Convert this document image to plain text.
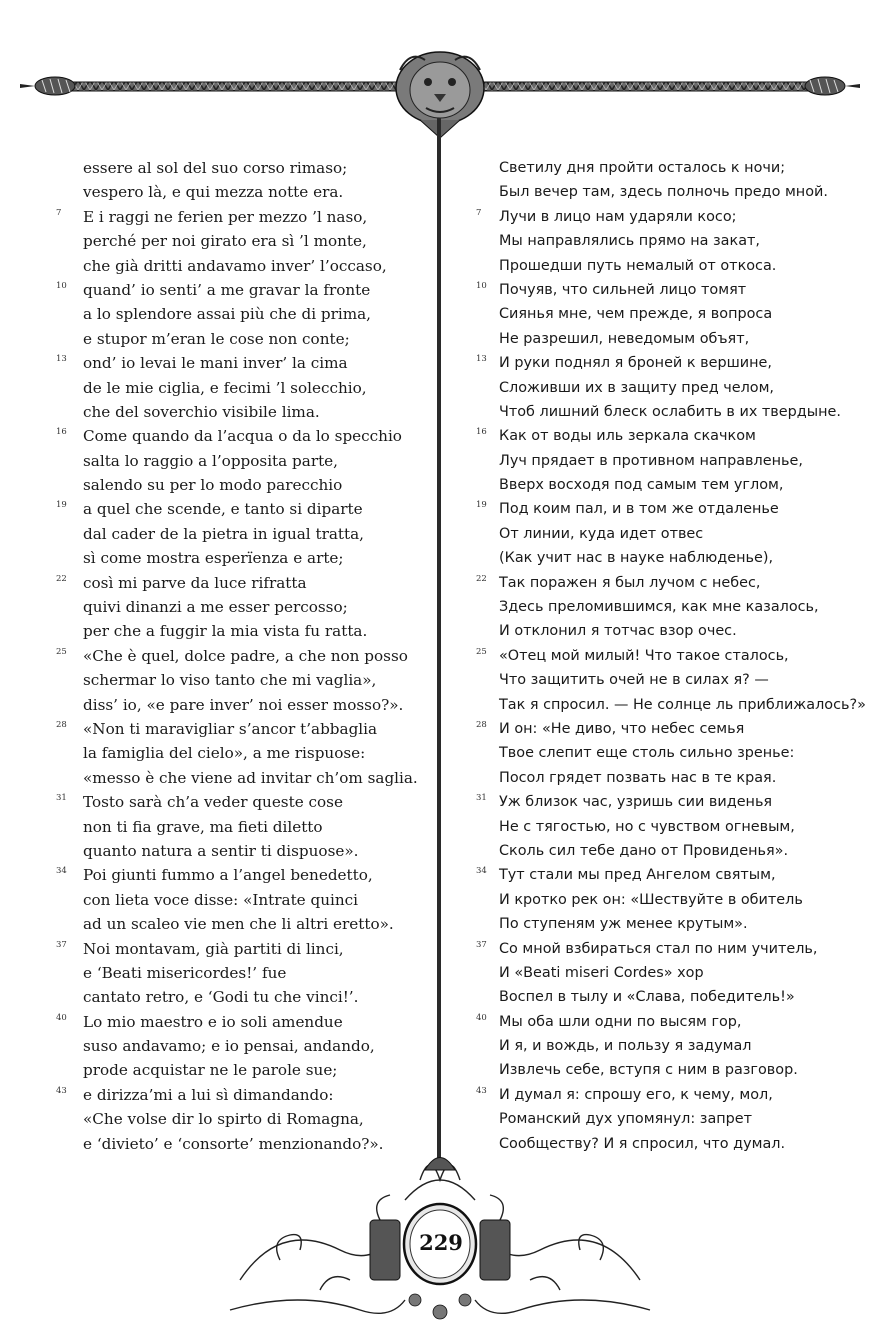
essere al sol del suo corso rimaso;
vespero là, e qui mezza notte era.
7	E i raggi ne ferien per mezzo ’l naso,
perché per noi girato era sì ’l monte,
che già dritti andavamo inver’ l’occaso,
10	quand’ io senti’ a me gravar la fronte
a lo splendore assai più che di prima,
e stupor m’eran le cose non conte;
13	ond’ io levai le mani inver’ la cima
de le mie ciglia, e fecimi ’l solecchio,
che del soverchio visibile lima.
16	Come quando da l’acqua o da lo specchio
salta lo raggio a l’opposita parte,
salendo su per lo modo parecchio
19	a quel che scende, e tanto si diparte
dal cader de la pietra in igual tratta,
sì come mostra esperïenza e arte;
22	così mi parve da luce rifratta
quivi dinanzi a me esser percosso;
per che a fuggir la mia vista fu ratta.
25	«Che è quel, dolce padre, a che non posso
schermar lo viso tanto che mi vaglia»,
diss’ io, «e pare inver’ noi esser mosso?».
28	«Non ti maravigliar s’ancor t’abbaglia
la famiglia del cielo», a me rispuose:
«messo è che viene ad invitar ch’om saglia.
31	Tosto sarà ch’a veder queste cose
non ti fia grave, ma fieti diletto
quanto natura a sentir ti dispuose».
34	Poi giunti fummo a l’angel benedetto,
con lieta voce disse: «Intrate quinci
ad un scaleo vie men che li altri eretto».
37	Noi montavam, già partiti di linci,
e ‘Beati misericordes!’ fue
cantato retro, e ‘Godi tu che vinci!’.
40	Lo mio maestro e io soli amendue
suso andavamo; e io pensai, andando,
prode acquistar ne le parole sue;
43	e dirizza’mi a lui sì dimandando:
«Che volse dir lo spirto di Romagna,
e ‘divieto’ e ‘consorte’ menzionando?».
Светилу дня пройти осталось к ночи;
Был вечер там, здесь полночь предо мной.
7	Лучи в лицо нам ударяли косо;
Мы направлялись прямо на закат,
Прошедши путь немалый от откоса.
10 Почуяв, что сильней лицо томят
Сиянья мне, чем прежде, я вопроса
Не разрешил, неведомым объят,
13 И руки поднял я броней к вершине,
Сложивши их в защиту пред челом,
Чтоб лишний блеск ослабить в их твердыне.
16 Как от воды иль зеркала скачком
Луч прядает в противном направленье,
Вверх восходя под самым тем углом,
19 Под коим пал, и в том же отдаленье
От линии, куда идет отвес
(Как учит нас в науке наблюденье),
22 Так поражен я был лучом с небес,
Здесь преломившимся, как мне казалось,
И отклонил я тотчас взор очес.
25 «Отец мой милый! Что такое сталось,
Что защитить очей не в силах я? —
Так я спросил. — Не солнце ль приближалось?»
28 И он: «Не диво, что небес семья
Твое слепит еще столь сильно зренье:
Посол грядет позвать нас в те края.
31 Уж близок час, узришь сии виденья
Не с тягостью, но с чувством огневым,
Сколь сил тебе дано от Провиденья».
34 Тут стали мы пред Ангелом святым,
И кротко рек он: «Шествуйте в обитель
По ступеням уж менее крутым».
37 Со мной взбираться стал по ним учитель,
И «Beati miseri Cordes» хор
Воспел в тылу и «Слава, победитель!»
40 Мы оба шли одни по высям гор,
И я, и вождь, и пользу я задумал
Извлечь себе, вступя с ним в разговор.
43 И думал я: спрошу его, к чему, мол,
Романский дух упомянул: запрет
Сообществу? И я спросил, что думал.
229
